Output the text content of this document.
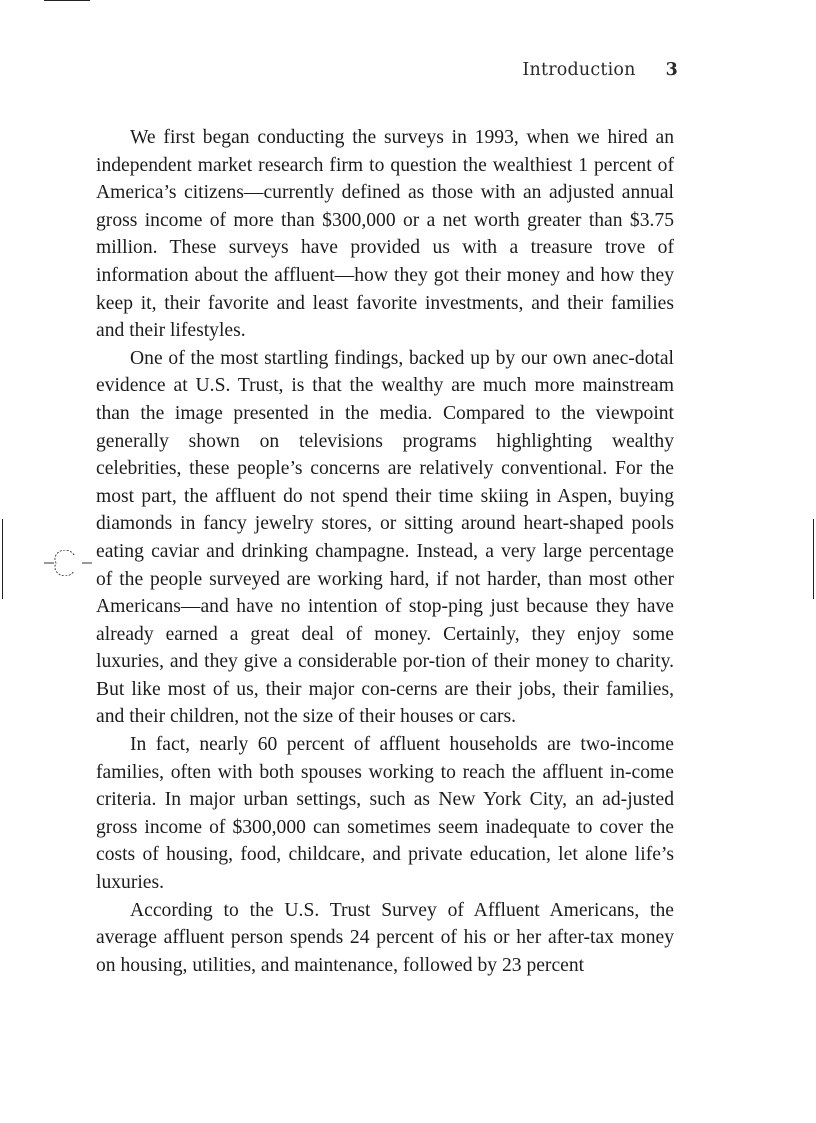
Introduction 3

We first began conducting the surveys in 1993, when we hired an independent market research firm to question the wealthiest 1 percent of America’s citizens—currently defined as those with an adjusted annual gross income of more than $300,000 or a net worth greater than $3.75 million. These surveys have provided us with a treasure trove of information about the affluent—how they got their money and how they keep it, their favorite and least favorite investments, and their families and their lifestyles.

One of the most startling findings, backed up by our own anec-dotal evidence at U.S. Trust, is that the wealthy are much more mainstream than the image presented in the media. Compared to the viewpoint generally shown on televisions programs highlighting wealthy celebrities, these people’s concerns are relatively conventional. For the most part, the affluent do not spend their time skiing in Aspen, buying diamonds in fancy jewelry stores, or sitting around heart-shaped pools eating caviar and drinking champagne. Instead, a very large percentage of the people surveyed are working hard, if not harder, than most other Americans—and have no intention of stop-ping just because they have already earned a great deal of money. Certainly, they enjoy some luxuries, and they give a considerable por-tion of their money to charity. But like most of us, their major con-cerns are their jobs, their families, and their children, not the size of their houses or cars.

In fact, nearly 60 percent of affluent households are two-income families, often with both spouses working to reach the affluent in-come criteria. In major urban settings, such as New York City, an ad-justed gross income of $300,000 can sometimes seem inadequate to cover the costs of housing, food, childcare, and private education, let alone life’s luxuries.

According to the U.S. Trust Survey of Affluent Americans, the average affluent person spends 24 percent of his or her after-tax money on housing, utilities, and maintenance, followed by 23 percent
